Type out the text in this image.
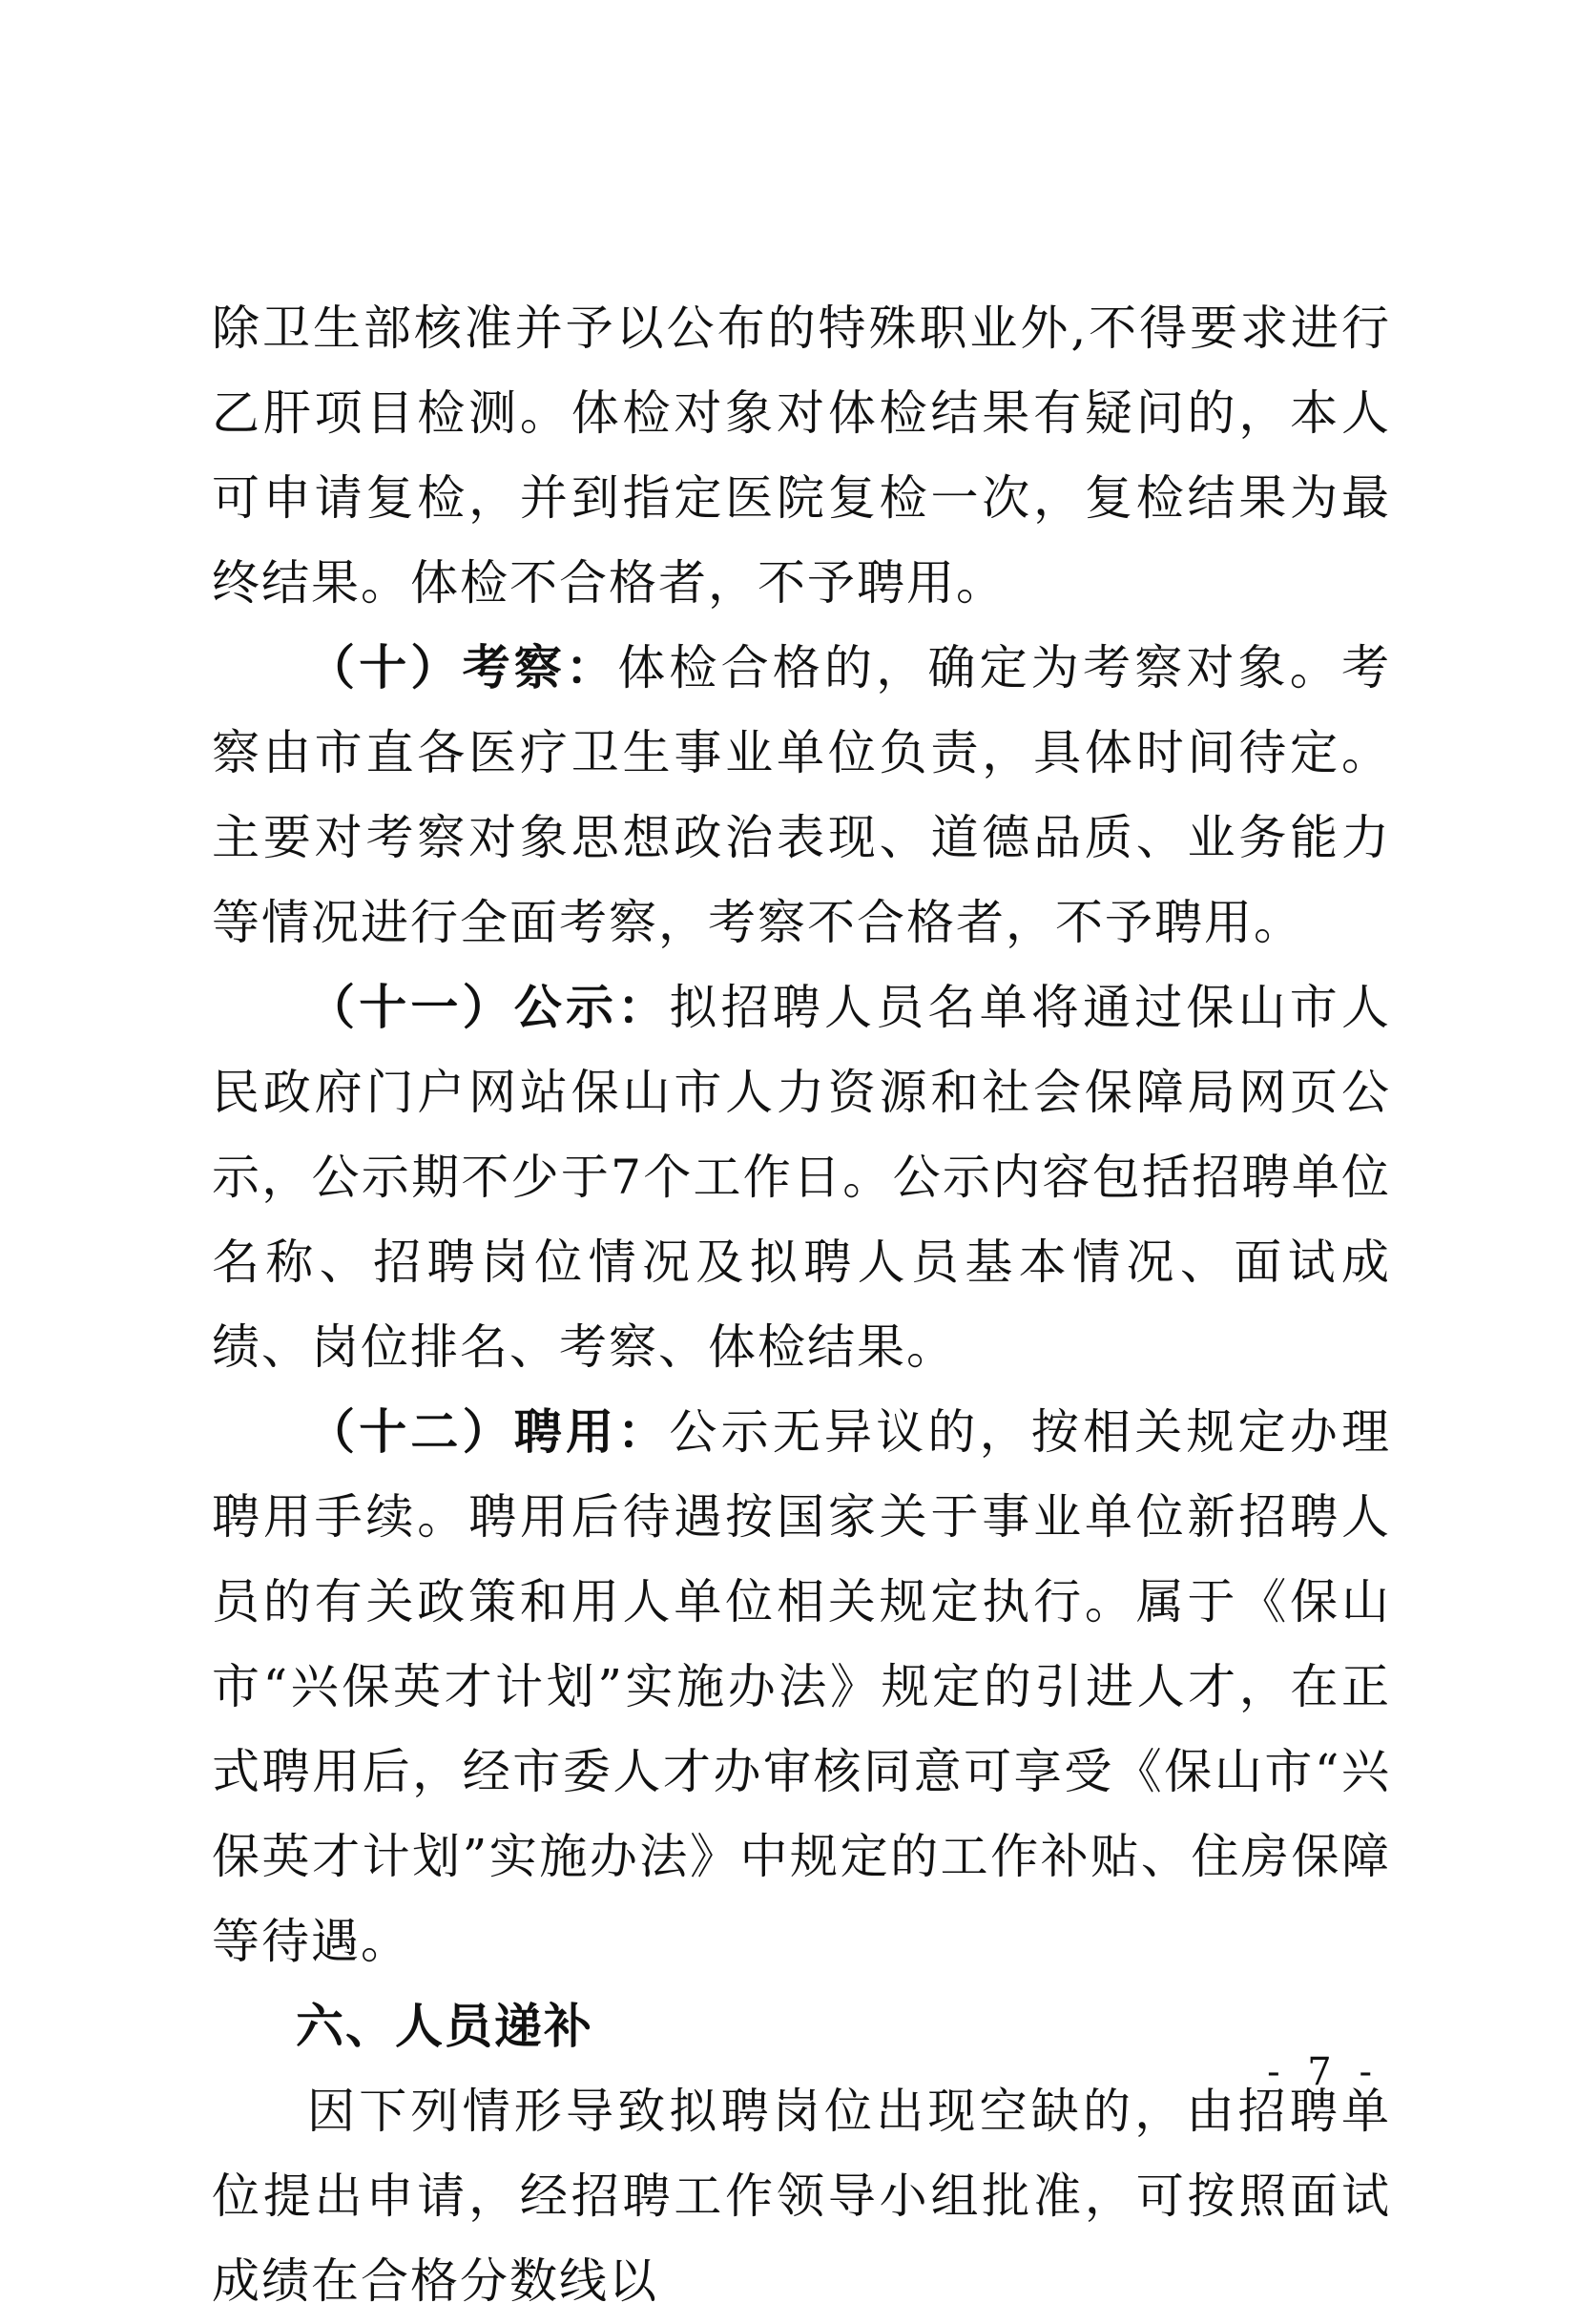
除卫生部核准并予以公布的特殊职业外,不得要求进行乙肝项目检测。体检对象对体检结果有疑问的，本人可申请复检，并到指定医院复检一次，复检结果为最终结果。体检不合格者，不予聘用。

（十）考察：体检合格的，确定为考察对象。考察由市直各医疗卫生事业单位负责，具体时间待定。主要对考察对象思想政治表现、道德品质、业务能力等情况进行全面考察，考察不合格者，不予聘用。

（十一）公示：拟招聘人员名单将通过保山市人民政府门户网站保山市人力资源和社会保障局网页公示，公示期不少于7个工作日。公示内容包括招聘单位名称、招聘岗位情况及拟聘人员基本情况、面试成绩、岗位排名、考察、体检结果。

（十二）聘用：公示无异议的，按相关规定办理聘用手续。聘用后待遇按国家关于事业单位新招聘人员的有关政策和用人单位相关规定执行。属于《保山市“兴保英才计划”实施办法》规定的引进人才，在正式聘用后，经市委人才办审核同意可享受《保山市“兴保英才计划”实施办法》中规定的工作补贴、住房保障等待遇。

六、人员递补

因下列情形导致拟聘岗位出现空缺的，由招聘单位提出申请，经招聘工作领导小组批准，可按照面试成绩在合格分数线以

- 7 -
